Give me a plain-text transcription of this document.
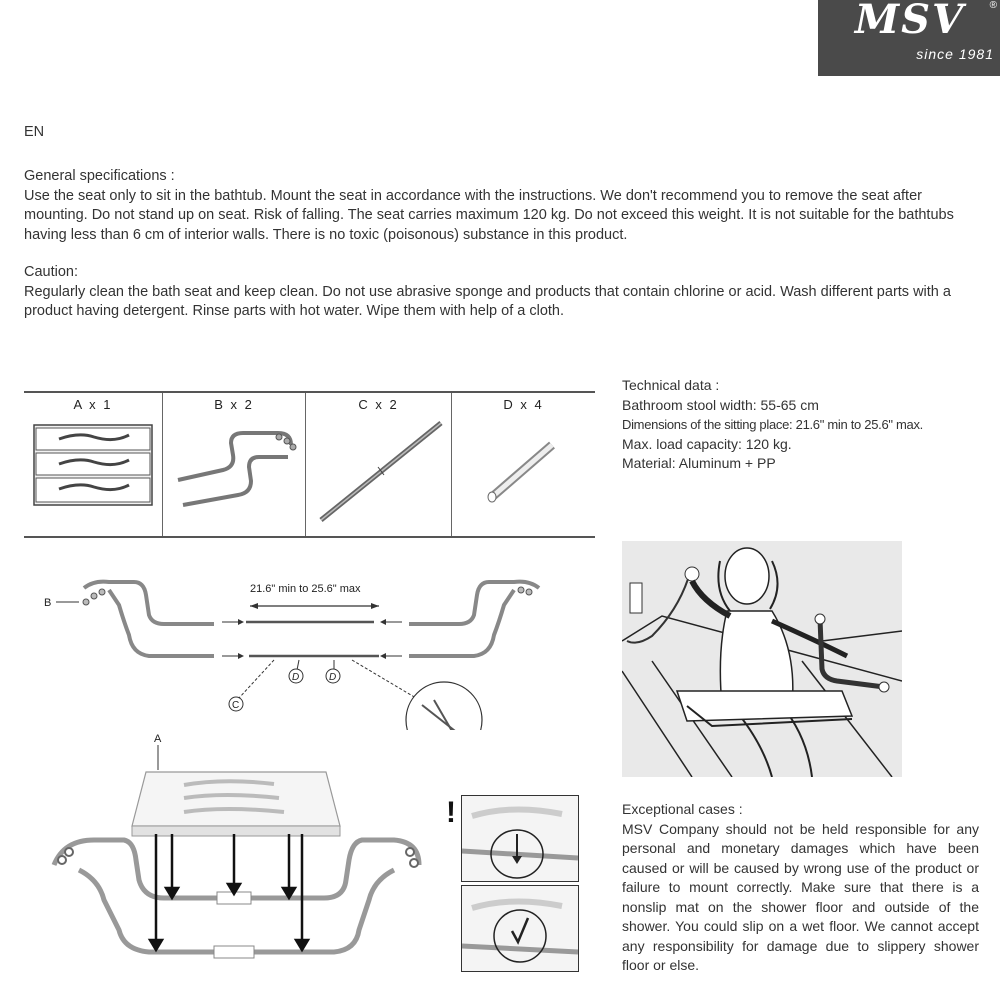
MSV	®
since 1981
EN
General specifications :
Use the seat only to sit in the bathtub. Mount the seat in accordance with the instructions. We don't recommend you to remove the seat after mounting. Do not stand up on seat. Risk of falling. The seat carries maximum 120 kg. Do not exceed this weight. It is not suitable for the bathtubs having less than 6 cm of interior walls. There is no toxic (poisonous) substance in this product.
Caution:
Regularly clean the bath seat and keep clean. Do not use abrasive sponge and products that contain chlorine or acid. Wash different parts with a product having detergent. Rinse parts with hot water. Wipe them with help of a cloth.
A x 1	B x 2	C x 2	D x 4
Technical data :
Bathroom stool width: 55-65 cm
Dimensions of the sitting place: 21.6" min to 25.6" max.
Max. load capacity: 120 kg.
Material: Aluminum + PP
B
21.6" min to 25.6" max
C
D	D
A
!	Exceptional cases :
MSV Company should not be held responsible for any personal and monetary damages which have been caused or will be caused by wrong use of the product or failure to mount correctly. Make sure that there is a nonslip mat on the shower floor and outside of the shower. You could slip on a wet floor. We cannot accept any responsibility for damage due to slippery shower floor or else.
